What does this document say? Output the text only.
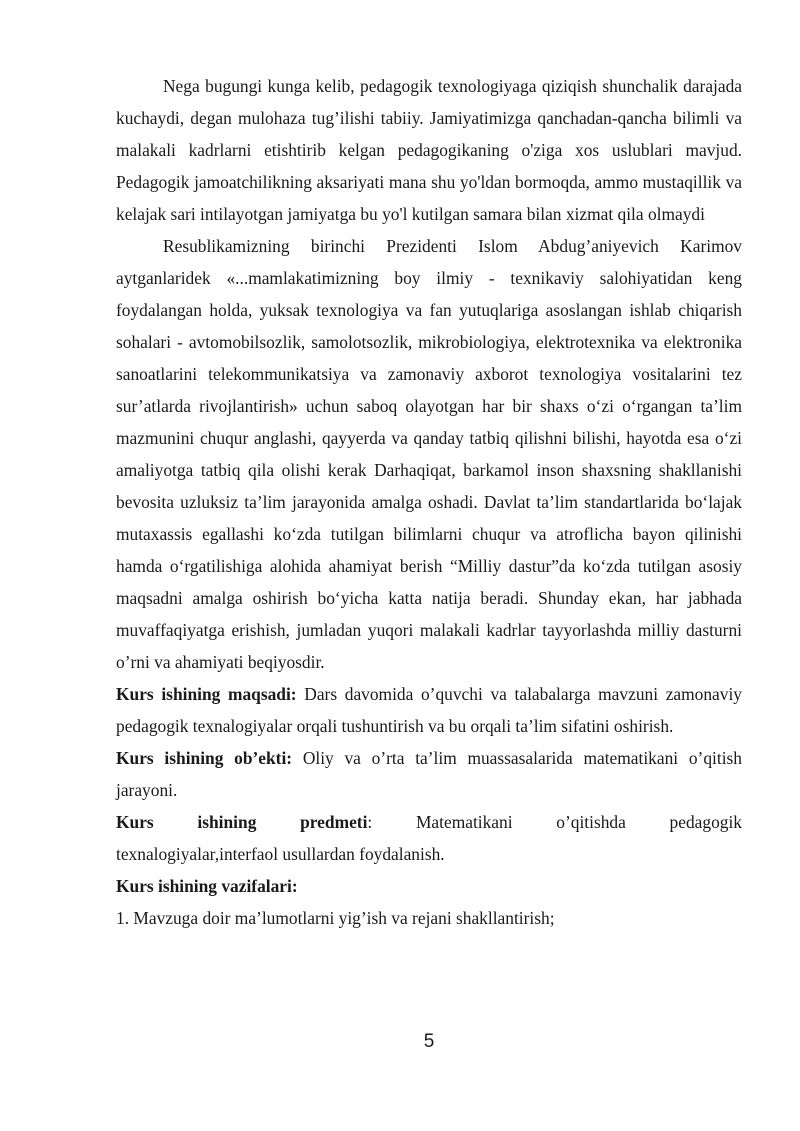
Nega bugungi kunga kelib, pedagogik texnologiyaga qiziqish shunchalik darajada kuchaydi, degan mulohaza tug’ilishi tabiiy. Jamiyatimizga qanchadan-qancha bilimli va malakali kadrlarni etishtirib kelgan pedagogikaning o'ziga xos uslublari mavjud. Pedagogik jamoatchilikning aksariyati mana shu yo'ldan bormoqda, ammo mustaqillik va kelajak sari intilayotgan jamiyatga bu yo'l kutilgan samara bilan xizmat qila olmaydi

Resublikamizning birinchi Prezidenti Islom Abdug’aniyevich Karimov aytganlaridek «...mamlakatimizning boy ilmiy - texnikaviy salohiyatidan keng foydalangan holda, yuksak texnologiya va fan yutuqlariga asoslangan ishlab chiqarish sohalari - avtomobilsozlik, samolotsozlik, mikrobiologiya, elektrotexnika va elektronika sanoatlarini telekommunikatsiya va zamonaviy axborot texnologiya vositalarini tez sur’atlarda rivojlantirish» uchun saboq olayotgan har bir shaxs o‘zi o‘rgangan ta’lim mazmunini chuqur anglashi, qayyerda va qanday tatbiq qilishni bilishi, hayotda esa o‘zi amaliyotga tatbiq qila olishi kerak Darhaqiqat, barkamol inson shaxsning shakllanishi bevosita uzluksiz ta’lim jarayonida amalga oshadi. Davlat ta’lim standartlarida bo‘lajak mutaxassis egallashi ko‘zda tutilgan bilimlarni chuqur va atroflicha bayon qilinishi hamda o‘rgatilishiga alohida ahamiyat berish “Milliy dastur”da ko‘zda tutilgan asosiy maqsadni amalga oshirish bo‘yicha katta natija beradi. Shunday ekan, har jabhada muvaffaqiyatga erishish, jumladan yuqori malakali kadrlar tayyorlashda milliy dasturni o’rni va ahamiyati beqiyosdir.

Kurs ishining maqsadi: Dars davomida o’quvchi va talabalarga mavzuni zamonaviy pedagogik texnalogiyalar orqali tushuntirish va bu orqali ta’lim sifatini oshirish.

Kurs ishining ob’ekti: Oliy va o’rta ta’lim muassasalarida matematikani o’qitish jarayoni.

Kurs ishining predmeti: Matematikani o’qitishda pedagogik

texnalogiyalar,interfaol usullardan foydalanish.

Kurs ishining vazifalari:

1. Mavzuga doir ma’lumotlarni yig’ish va rejani shakllantirish;

5
